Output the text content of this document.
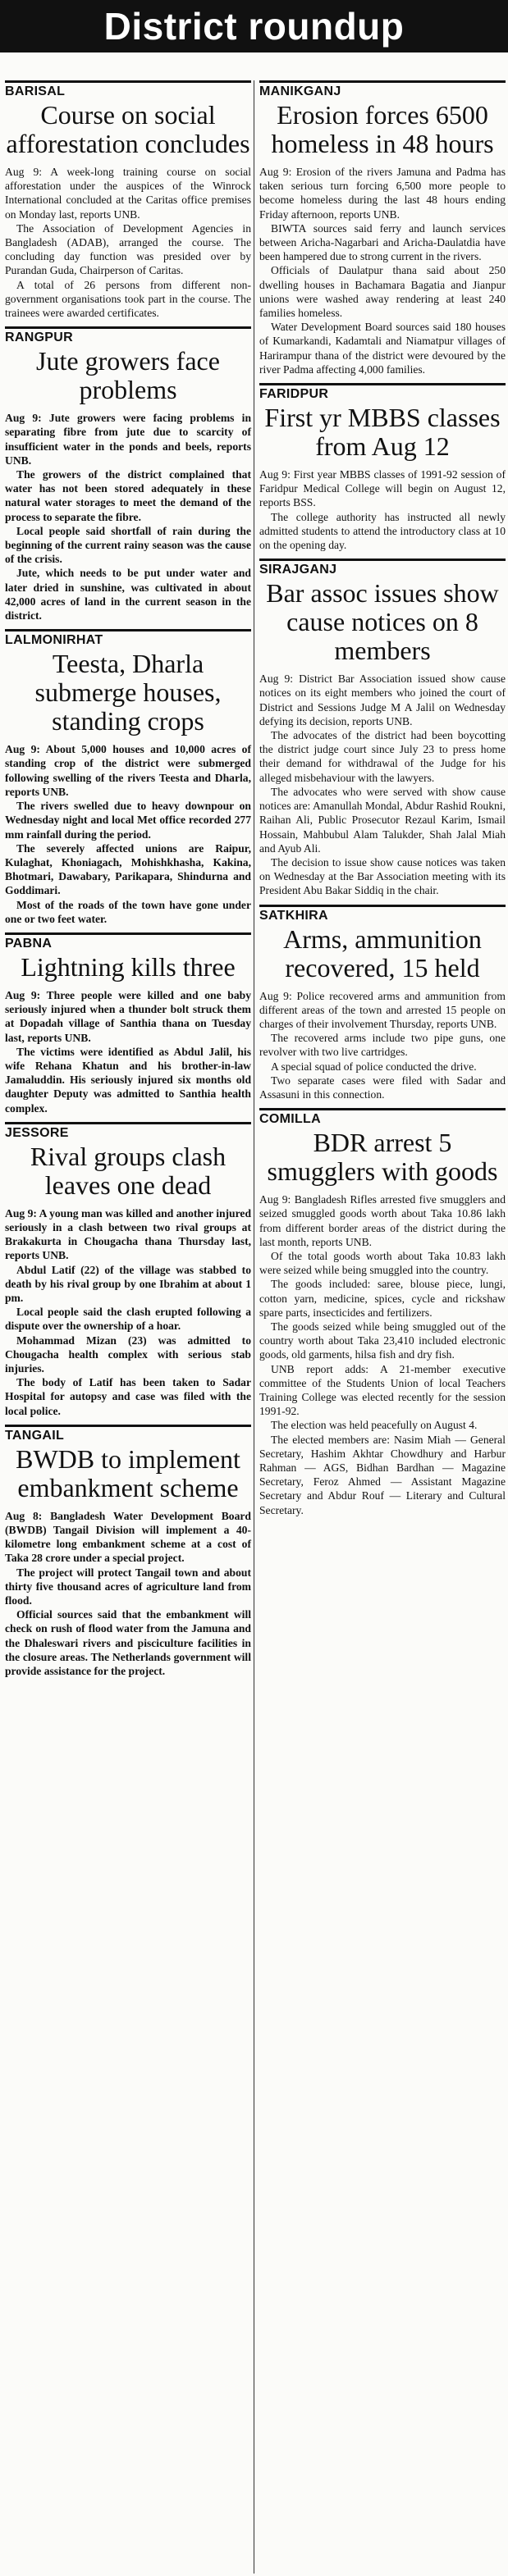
District roundup
BARISAL
Course on social afforestation concludes

Aug 9: A week-long training course on social afforestation under the auspices of the Winrock International concluded at the Caritas office premises on Monday last, reports UNB.

The Association of Development Agencies in Bangladesh (ADAB), arranged the course. The concluding day function was presided over by Purandan Guda, Chairperson of Caritas.

A total of 26 persons from different non-government organisations took part in the course. The trainees were awarded certificates.

RANGPUR
Jute growers face problems

Aug 9: Jute growers were facing problems in separating fibre from jute due to scarcity of insufficient water in the ponds and beels, reports UNB.

The growers of the district complained that water has not been stored adequately in these natural water storages to meet the demand of the process to separate the fibre.

Local people said shortfall of rain during the beginning of the current rainy season was the cause of the crisis.

Jute, which needs to be put under water and later dried in sunshine, was cultivated in about 42,000 acres of land in the current season in the district.

LALMONIRHAT
Teesta, Dharla submerge houses, standing crops

Aug 9: About 5,000 houses and 10,000 acres of standing crop of the district were submerged following swelling of the rivers Teesta and Dharla, reports UNB.

The rivers swelled due to heavy downpour on Wednesday night and local Met office recorded 277 mm rainfall during the period.

The severely affected unions are Raipur, Kulaghat, Khoniagach, Mohishkhasha, Kakina, Bhotmari, Dawabary, Parikapara, Shindurna and Goddimari.

Most of the roads of the town have gone under one or two feet water.

PABNA
Lightning kills three

Aug 9: Three people were killed and one baby seriously injured when a thunder bolt struck them at Dopadah village of Santhia thana on Tuesday last, reports UNB.

The victims were identified as Abdul Jalil, his wife Rehana Khatun and his brother-in-law Jamaluddin. His seriously injured six months old daughter Deputy was admitted to Santhia health complex.

JESSORE
Rival groups clash leaves one dead

Aug 9: A young man was killed and another injured seriously in a clash between two rival groups at Brakakurta in Chougacha thana Thursday last, reports UNB.

Abdul Latif (22) of the village was stabbed to death by his rival group by one Ibrahim at about 1 pm.

Local people said the clash erupted following a dispute over the ownership of a hoar.

Mohammad Mizan (23) was admitted to Chougacha health complex with serious stab injuries.

The body of Latif has been taken to Sadar Hospital for autopsy and case was filed with the local police.

TANGAIL
BWDB to implement embankment scheme

Aug 8: Bangladesh Water Development Board (BWDB) Tangail Division will implement a 40-kilometre long embankment scheme at a cost of Taka 28 crore under a special project.

The project will protect Tangail town and about thirty five thousand acres of agriculture land from flood.

Official sources said that the embankment will check on rush of flood water from the Jamuna and the Dhaleswari rivers and pisciculture facilities in the closure areas. The Netherlands government will provide assistance for the project.

MANIKGANJ
Erosion forces 6500 homeless in 48 hours

Aug 9: Erosion of the rivers Jamuna and Padma has taken serious turn forcing 6,500 more people to become homeless during the last 48 hours ending Friday afternoon, reports UNB.

BIWTA sources said ferry and launch services between Aricha-Nagarbari and Aricha-Daulatdia have been hampered due to strong current in the rivers.

Officials of Daulatpur thana said about 250 dwelling houses in Bachamara Bagatia and Jianpur unions were washed away rendering at least 240 families homeless.

Water Development Board sources said 180 houses of Kumarkandi, Kadamtali and Niamatpur villages of Harirampur thana of the district were devoured by the river Padma affecting 4,000 families.

FARIDPUR
First yr MBBS classes from Aug 12

Aug 9: First year MBBS classes of 1991-92 session of Faridpur Medical College will begin on August 12, reports BSS.

The college authority has instructed all newly admitted students to attend the introductory class at 10 on the opening day.

SIRAJGANJ
Bar assoc issues show cause notices on 8 members

Aug 9: District Bar Association issued show cause notices on its eight members who joined the court of District and Sessions Judge M A Jalil on Wednesday defying its decision, reports UNB.

The advocates of the district had been boycotting the district judge court since July 23 to press home their demand for withdrawal of the Judge for his alleged misbehaviour with the lawyers.

The advocates who were served with show cause notices are: Amanullah Mondal, Abdur Rashid Roukni, Raihan Ali, Public Prosecutor Rezaul Karim, Ismail Hossain, Mahbubul Alam Talukder, Shah Jalal Miah and Ayub Ali.

The decision to issue show cause notices was taken on Wednesday at the Bar Association meeting with its President Abu Bakar Siddiq in the chair.

SATKHIRA
Arms, ammunition recovered, 15 held

Aug 9: Police recovered arms and ammunition from different areas of the town and arrested 15 people on charges of their involvement Thursday, reports UNB.

The recovered arms include two pipe guns, one revolver with two live cartridges.

A special squad of police conducted the drive.

Two separate cases were filed with Sadar and Assasuni in this connection.

COMILLA
BDR arrest 5 smugglers with goods

Aug 9: Bangladesh Rifles arrested five smugglers and seized smuggled goods worth about Taka 10.86 lakh from different border areas of the district during the last month, reports UNB.

Of the total goods worth about Taka 10.83 lakh were seized while being smuggled into the country.

The goods included: saree, blouse piece, lungi, cotton yarn, medicine, spices, cycle and rickshaw spare parts, insecticides and fertilizers.

The goods seized while being smuggled out of the country worth about Taka 23,410 included electronic goods, old garments, hilsa fish and dry fish.

UNB report adds: A 21-member executive committee of the Students Union of local Teachers Training College was elected recently for the session 1991-92.

The election was held peacefully on August 4.

The elected members are: Nasim Miah — General Secretary, Hashim Akhtar Chowdhury and Harbur Rahman — AGS, Bidhan Bardhan — Magazine Secretary, Feroz Ahmed — Assistant Magazine Secretary and Abdur Rouf — Literary and Cultural Secretary.
